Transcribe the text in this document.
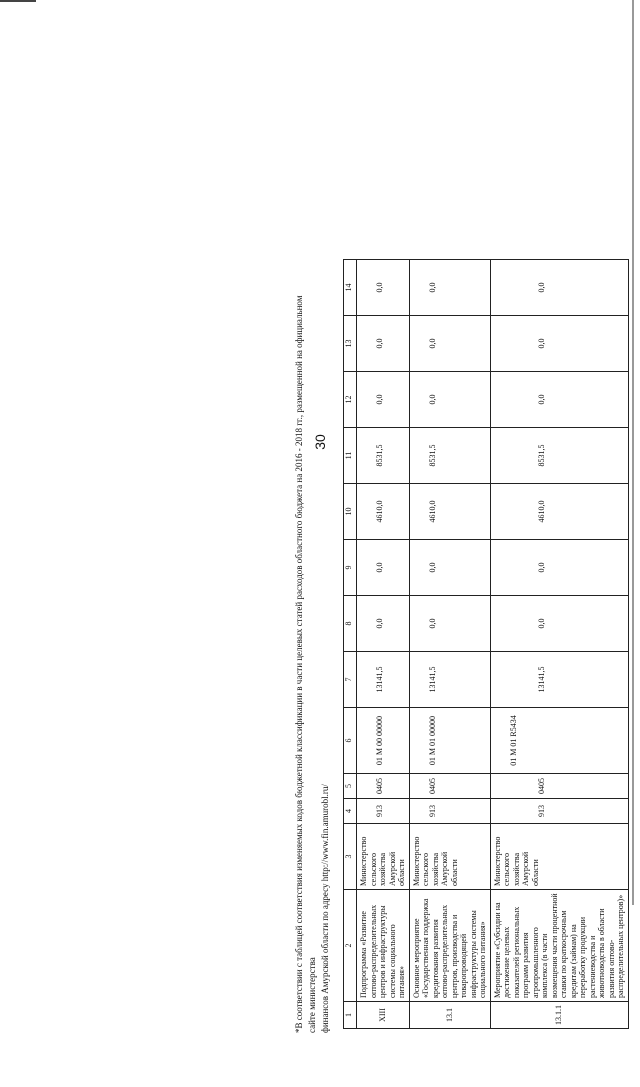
30

*В соответствии с таблицей соответствия изменяемых кодов бюджетной классификации в части целевых статей расходов областного бюджета на 2016 - 2018 гг., размещенной на официальном сайте министерства финансов Амурской области по адресу http://www.fin.amurobl.ru/ 1	2	3	4	5	6	7	8	9	10	11	12	13	14
XIII	Подпрограмма «Развитие оптово-распределительных центров и инфраструктуры системы социального питания»	Министерство сельского хозяйства Амурской области	913	0405	01 М 00 00000	13141,5	0,0	0,0	4610,0	8531,5	0,0	0,0	0,0
13.1	Основное мероприятие «Государственная поддержка кредитования развития оптово-распределительных центров, производства и товаропроводящей инфраструктуры системы социального питания»	Министерство сельского хозяйства Амурской области	913	0405	01 М 01 00000	13141,5	0,0	0,0	4610,0	8531,5	0,0	0,0	0,0
13.1.1	Мероприятие «Субсидии на достижение целевых показателей региональных программ развития агропромышленного комплекса (в части возмещения части процентной ставки по краткосрочным кредитам (займам) на переработку продукции растениеводства и животноводства в области развития оптово-распределительных центров)»	Министерство сельского хозяйства Амурской области	913	0405	01 М 01 R5434	13141,5	0,0	0,0	4610,0	8531,5	0,0	0,0	0,0
